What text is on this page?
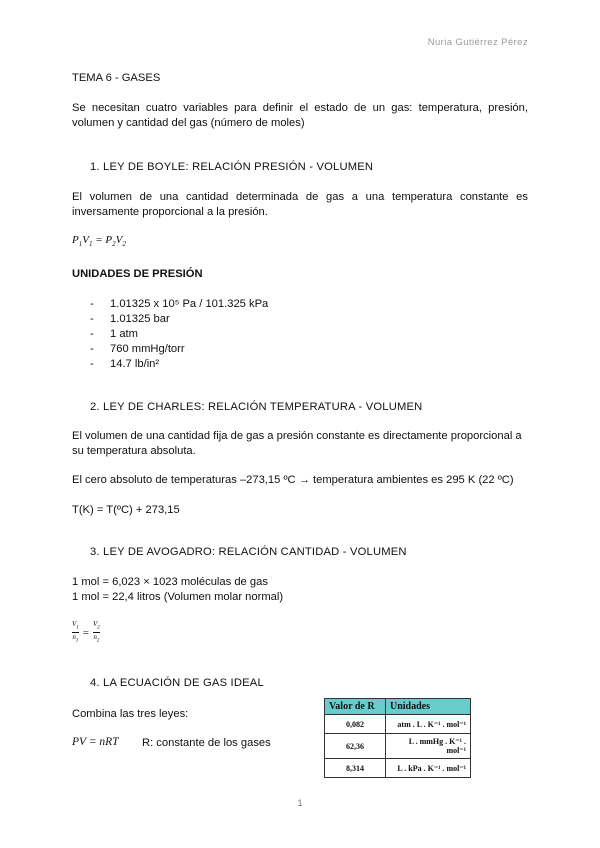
Nuria Gutiérrez Pérez
TEMA 6 - GASES
Se necesitan cuatro variables para definir el estado de un gas: temperatura, presión, volumen y cantidad del gas (número de moles)
1. LEY DE BOYLE: RELACIÓN PRESIÓN - VOLUMEN
El volumen de una cantidad determinada de gas a una temperatura constante es inversamente proporcional a la presión.
$P_1V_1 = P_2V_2$
UNIDADES DE PRESIÓN
- 1.01325 x 10⁵ Pa / 101.325 kPa
- 1.01325 bar
- 1 atm
- 760 mmHg/torr
- 14.7 lb/in²
2. LEY DE CHARLES: RELACIÓN TEMPERATURA - VOLUMEN
El volumen de una cantidad fija de gas a presión constante es directamente proporcional a su temperatura absoluta.
El cero absoluto de temperaturas –273,15 ºC → temperatura ambientes es 295 K (22 ºC)
T(K) = T(ºC) + 273,15
3. LEY DE AVOGADRO: RELACIÓN CANTIDAD - VOLUMEN
1 mol = 6,023 × 1023 moléculas de gas
1 mol = 22,4 litros (Volumen molar normal)
$\frac{V_1}{n_1} = \frac{V_2}{n_2}$
4. LA ECUACIÓN DE GAS IDEAL
Combina las tres leyes:
PV = nRT R: constante de los gases
Valor de R	Unidades
0,082	atm . L . K⁻¹ . mol⁻¹
62,36	L . mmHg . K⁻¹ . mol⁻¹
8,314	L . kPa . K⁻¹ . mol⁻¹
1
